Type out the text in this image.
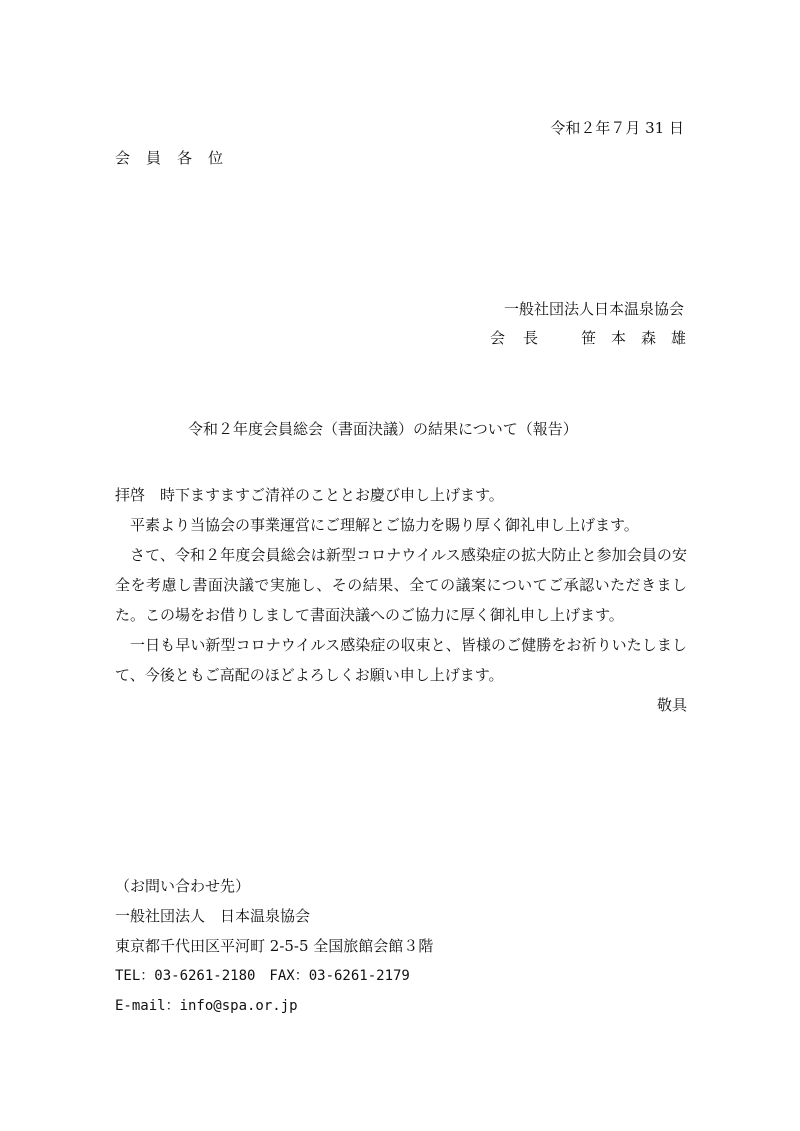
令和２年７月 31 日
会員各位
一般社団法人日本温泉協会
会長 笹本森雄
令和２年度会員総会（書面決議）の結果について（報告）

拝啓　時下ますますご清祥のこととお慶び申し上げます。

平素より当協会の事業運営にご理解とご協力を賜り厚く御礼申し上げます。

さて、令和２年度会員総会は新型コロナウイルス感染症の拡大防止と参加会員の安全を考慮し書面決議で実施し、その結果、全ての議案についてご承認いただきました。この場をお借りしまして書面決議へのご協力に厚く御礼申し上げます。

一日も早い新型コロナウイルス感染症の収束と、皆様のご健勝をお祈りいたしまして、今後ともご高配のほどよろしくお願い申し上げます。

敬具

（お問い合わせ先）
一般社団法人　日本温泉協会
東京都千代田区平河町 2-5-5 全国旅館会館３階
TEL：03-6261-2180　FAX：03-6261-2179
E-mail：info@spa.or.jp
